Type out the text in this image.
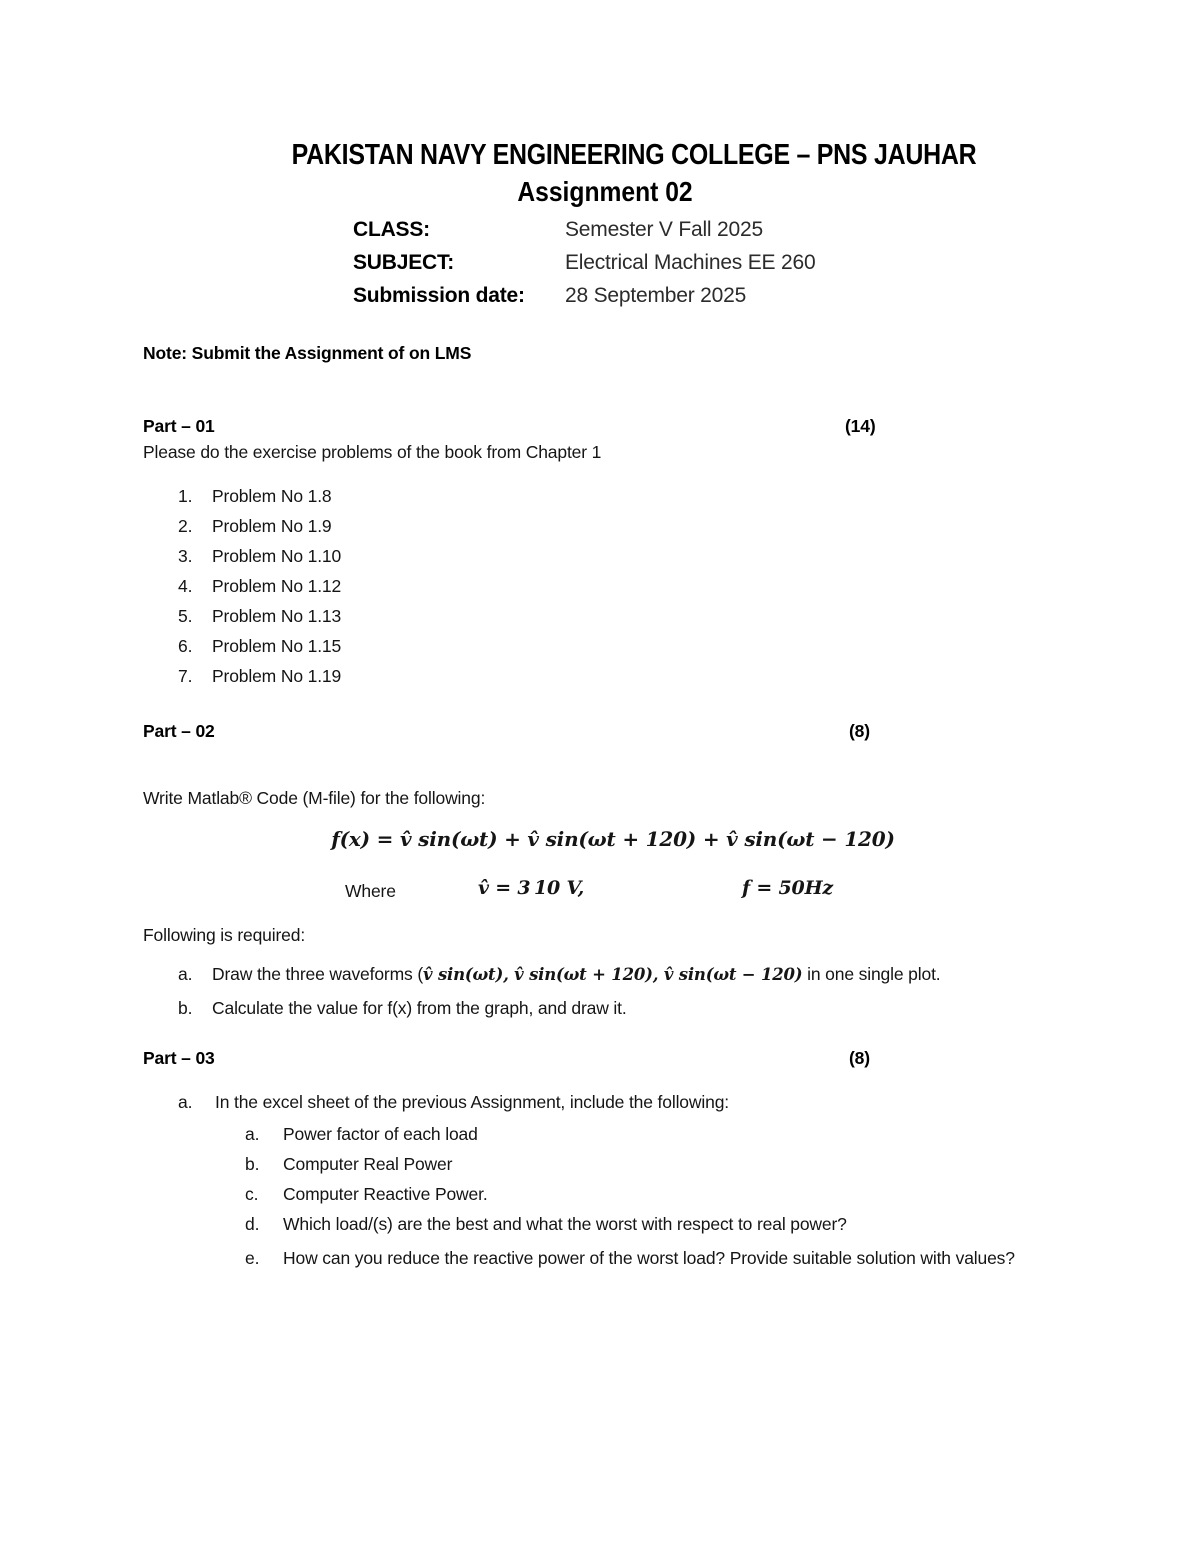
PAKISTAN NAVY ENGINEERING COLLEGE – PNS JAUHAR
Assignment 02
CLASS:	Semester V Fall 2025
SUBJECT:	Electrical Machines EE 260
Submission date: 28 September 2025
Note: Submit the Assignment of on LMS
Part – 01	(14)
Please do the exercise problems of the book from Chapter 1
1. Problem No 1.8
2. Problem No 1.9
3. Problem No 1.10
4. Problem No 1.12
5. Problem No 1.13
6. Problem No 1.15
7. Problem No 1.19
Part – 02	(8)
Write Matlab® Code (M-file) for the following:
f(x) = v̂ sin(ωt) + v̂ sin(ωt + 120) + v̂ sin(ωt − 120)
Where	v̂ = 3 10 V,	f = 50Hz
Following is required:
a. Draw the three waveforms (v̂ sin(ωt), v̂ sin(ωt + 120), v̂ sin(ωt − 120) in one single plot.
b. Calculate the value for f(x) from the graph, and draw it.
Part – 03	(8)
a. In the excel sheet of the previous Assignment, include the following:
a. Power factor of each load
b. Computer Real Power
c. Computer Reactive Power.
d. Which load/(s) are the best and what the worst with respect to real power?
e. How can you reduce the reactive power of the worst load? Provide suitable solution with values?
